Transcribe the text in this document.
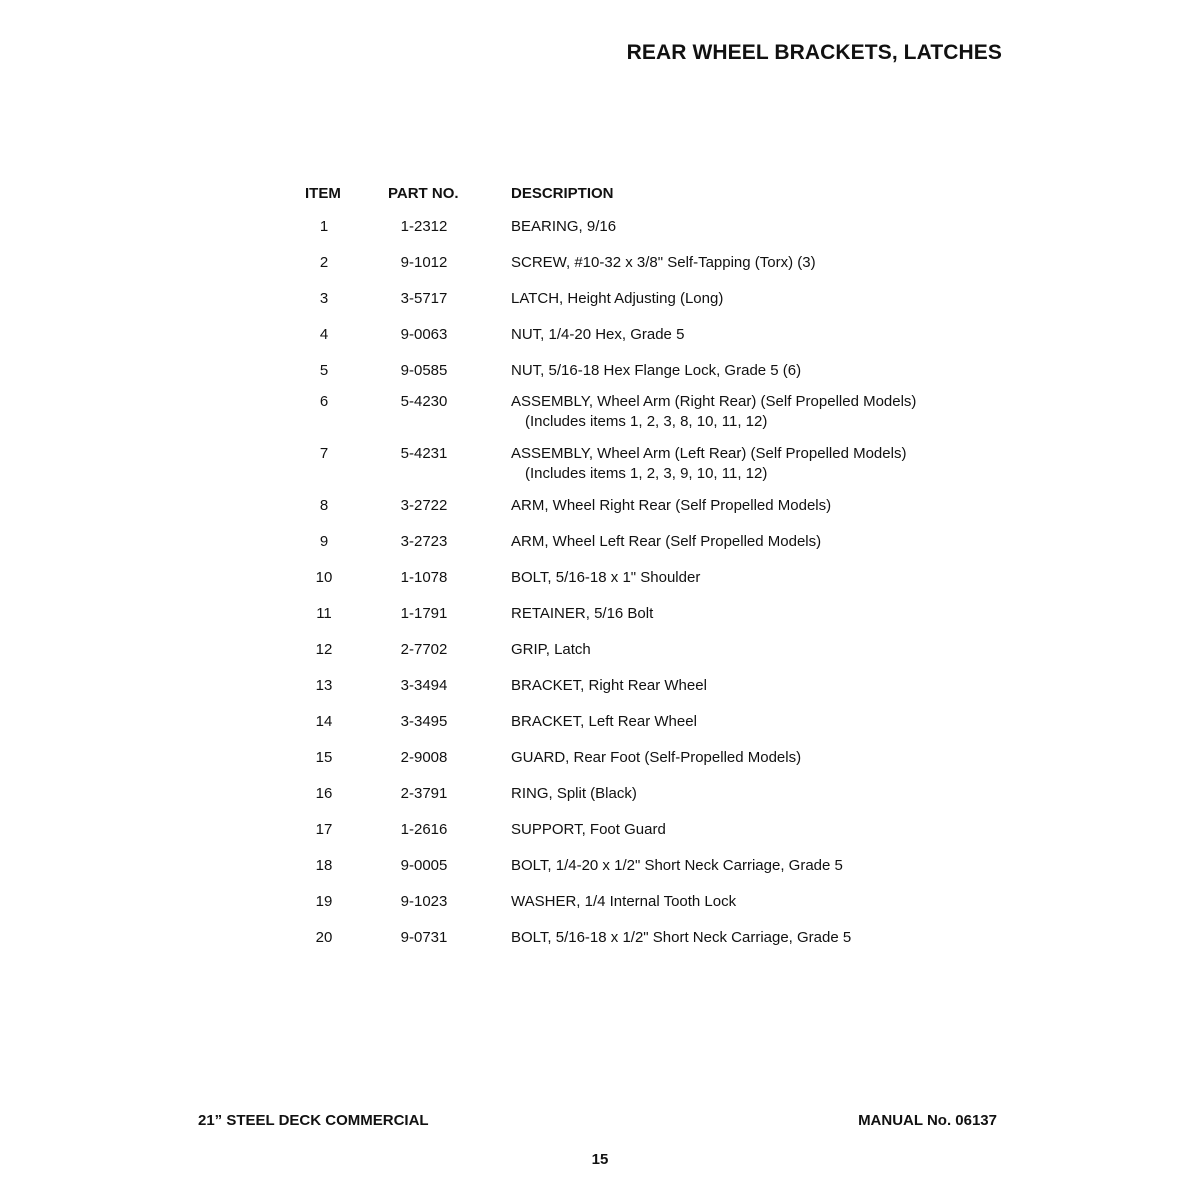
REAR WHEEL BRACKETS, LATCHES
ITEM	PART NO.	DESCRIPTION
1	1-2312	BEARING, 9/16
2	9-1012	SCREW, #10-32 x 3/8" Self-Tapping (Torx) (3)
3	3-5717	LATCH, Height Adjusting (Long)
4	9-0063	NUT, 1/4-20 Hex, Grade 5
5	9-0585	NUT, 5/16-18 Hex Flange Lock, Grade 5 (6)
6	5-4230	ASSEMBLY, Wheel Arm (Right Rear) (Self Propelled Models)
(Includes items 1, 2, 3, 8, 10, 11, 12)
7	5-4231	ASSEMBLY, Wheel Arm (Left Rear) (Self Propelled Models)
(Includes items 1, 2, 3, 9, 10, 11, 12)
8	3-2722	ARM, Wheel Right Rear (Self Propelled Models)
9	3-2723	ARM, Wheel Left Rear (Self Propelled Models)
10	1-1078	BOLT, 5/16-18 x 1" Shoulder
11	1-1791	RETAINER, 5/16 Bolt
12	2-7702	GRIP, Latch
13	3-3494	BRACKET, Right Rear Wheel
14	3-3495	BRACKET, Left Rear Wheel
15	2-9008	GUARD, Rear Foot (Self-Propelled Models)
16	2-3791	RING, Split (Black)
17	1-2616	SUPPORT, Foot Guard
18	9-0005	BOLT, 1/4-20 x 1/2" Short Neck Carriage, Grade 5
19	9-1023	WASHER, 1/4 Internal Tooth Lock
20	9-0731	BOLT, 5/16-18 x 1/2" Short Neck Carriage, Grade 5
21” STEEL DECK COMMERCIAL	MANUAL No. 06137
15
